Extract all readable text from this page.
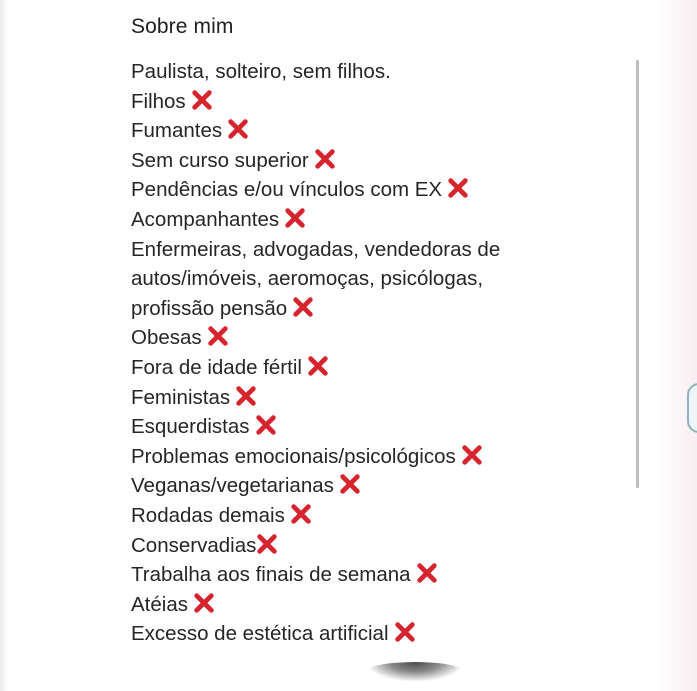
Sobre mim
Paulista, solteiro, sem filhos.
Filhos
Fumantes
Sem curso superior
Pendências e/ou vínculos com EX
Acompanhantes
Enfermeiras, advogadas, vendedoras de
autos/imóveis, aeromoças, psicólogas,
profissão pensão
Obesas
Fora de idade fértil
Feministas
Esquerdistas
Problemas emocionais/psicológicos
Veganas/vegetarianas
Rodadas demais
Conservadias
Trabalha aos finais de semana
Atéias
Excesso de estética artificial
